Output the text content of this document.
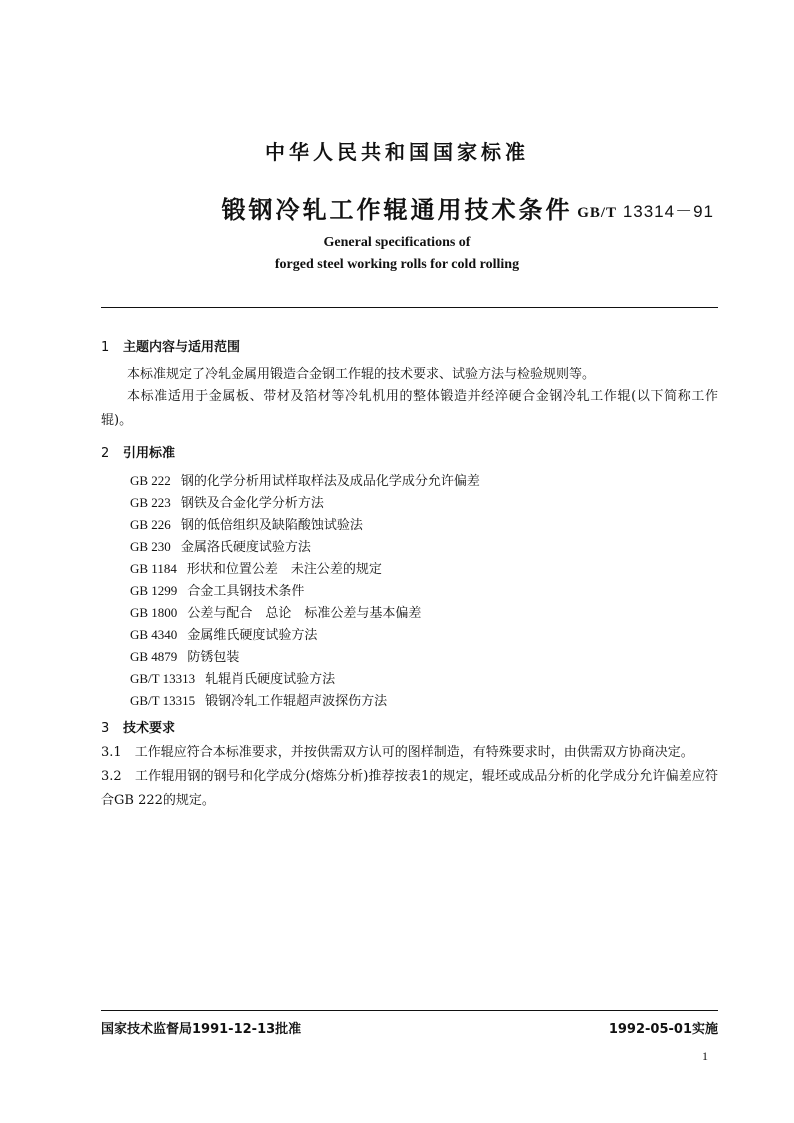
中华人民共和国国家标准
锻钢冷轧工作辊通用技术条件 GB/T 13314－91
General specifications of
forged steel working rolls for cold rolling
1 主题内容与适用范围
本标准规定了冷轧金属用锻造合金钢工作辊的技术要求、试验方法与检验规则等。
本标准适用于金属板、带材及箔材等冷轧机用的整体锻造并经淬硬合金钢冷轧工作辊(以下简称工作辊)。
2 引用标准
GB 222 钢的化学分析用试样取样法及成品化学成分允许偏差
GB 223 钢铁及合金化学分析方法
GB 226 钢的低倍组织及缺陷酸蚀试验法
GB 230 金属洛氏硬度试验方法
GB 1184 形状和位置公差　未注公差的规定
GB 1299 合金工具钢技术条件
GB 1800 公差与配合　总论　标准公差与基本偏差
GB 4340 金属维氏硬度试验方法
GB 4879 防锈包装
GB/T 13313 轧辊肖氏硬度试验方法
GB/T 13315 锻钢冷轧工作辊超声波探伤方法
3 技术要求
3.1　 工作辊应符合本标准要求，并按供需双方认可的图样制造，有特殊要求时，由供需双方协商决定。
3.2　 工作辊用钢的钢号和化学成分(熔炼分析)推荐按表1的规定，辊坯或成品分析的化学成分允许偏差应符合GB 222的规定。
国家技术监督局1991-12-13批准	1992-05-01实施
1
